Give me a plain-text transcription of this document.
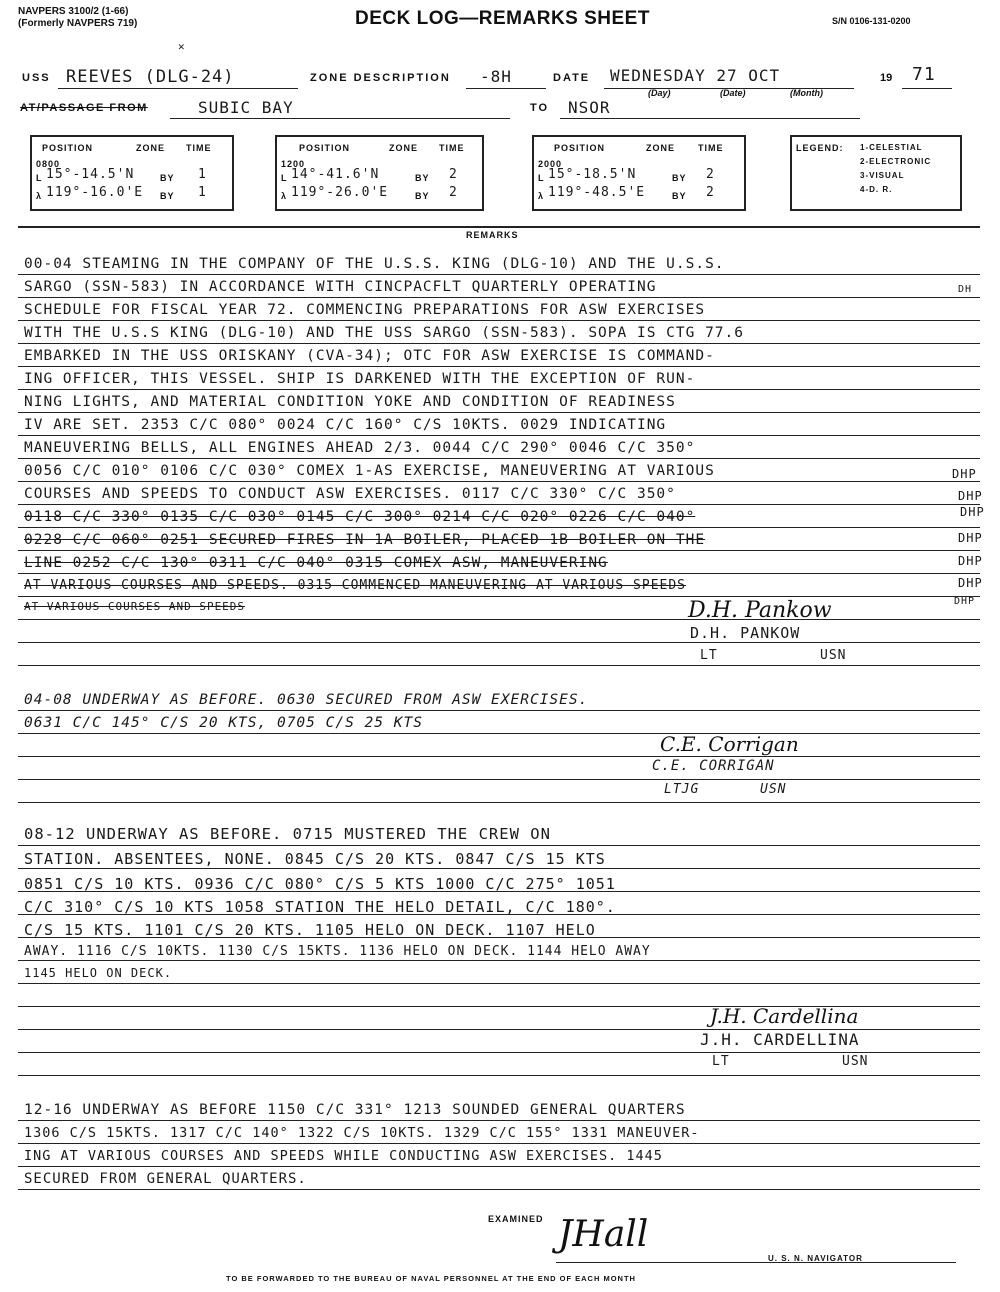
NAVPERS 3100/2 (1-66)
(Formerly NAVPERS 719)	DECK LOG—REMARKS SHEET	S/N 0106-131-0200
✕
USS REEVES (DLG-24)	ZONE DESCRIPTION -8H	DATE WEDNESDAY 27 OCT	19 71
(Day)	(Date)	(Month)
AT/PASSAGE FROM	SUBIC BAY	TO NSOR
POSITION	ZONE TIME
0800
L 15°-14.5'N	BY 1
λ 119°-16.0'E BY 1
POSITION	ZONE TIME
1200
L 14°-41.6'N	BY 2
λ 119°-26.0'E	BY 2
POSITION	ZONE	TIME
2000
L 15°-18.5'N	BY 2
λ 119°-48.5'E	BY 2
LEGEND: 1-CELESTIAL
2-ELECTRONIC
3-VISUAL
4-D. R.
REMARKS
00-04 STEAMING IN THE COMPANY OF THE U.S.S. KING (DLG-10) AND THE U.S.S.
SARGO (SSN-583) IN ACCORDANCE WITH CINCPACFLT QUARTERLY OPERATING
SCHEDULE FOR FISCAL YEAR 72. COMMENCING PREPARATIONS FOR ASW EXERCISES
WITH THE U.S.S KING (DLG-10) AND THE USS SARGO (SSN-583). SOPA IS CTG 77.6
EMBARKED IN THE USS ORISKANY (CVA-34); OTC FOR ASW EXERCISE IS COMMAND-
ING OFFICER, THIS VESSEL. SHIP IS DARKENED WITH THE EXCEPTION OF RUN-
NING LIGHTS, AND MATERIAL CONDITION YOKE AND CONDITION OF READINESS
IV ARE SET. 2353 C/C 080° 0024 C/C 160° C/S 10KTS. 0029 INDICATING
MANEUVERING BELLS, ALL ENGINES AHEAD 2/3. 0044 C/C 290° 0046 C/C 350°
0056 C/C 010° 0106 C/C 030° COMEX 1-AS EXERCISE, MANEUVERING AT VARIOUS
COURSES AND SPEEDS TO CONDUCT ASW EXERCISES. 0117 C/C 330° C/C 350°
0118 C/C 330° 0135 C/C 030° 0145 C/C 300° 0214 C/C 020° 0226 C/C 040°
0228 C/C 060° 0251 SECURED FIRES IN 1A BOILER, PLACED 1B BOILER ON THE
LINE 0252 C/C 130° 0311 C/C 040° 0315 COMEX ASW, MANEUVERING
AT VARIOUS COURSES AND SPEEDS. 0315 COMMENCED MANEUVERING AT VARIOUS SPEEDS
AT VARIOUS COURSES AND SPEEDS
DH
DHP
DHP
DHP
DHP
DHP
DHP
DHP
D.H. Pankow
D.H. PANKOW
LT	USN
04-08 UNDERWAY AS BEFORE. 0630 SECURED FROM ASW EXERCISES.
0631 C/C 145° C/S 20 KTS, 0705 C/S 25 KTS
C.E. Corrigan
C.E. CORRIGAN
LTJG	USN
08-12 UNDERWAY AS BEFORE. 0715 MUSTERED THE CREW ON
STATION. ABSENTEES, NONE. 0845 C/S 20 KTS. 0847 C/S 15 KTS
0851 C/S 10 KTS. 0936 C/C 080° C/S 5 KTS 1000 C/C 275° 1051
C/C 310° C/S 10 KTS 1058 STATION THE HELO DETAIL, C/C 180°.
C/S 15 KTS. 1101 C/S 20 KTS. 1105 HELO ON DECK. 1107 HELO
AWAY. 1116 C/S 10KTS. 1130 C/S 15KTS. 1136 HELO ON DECK. 1144 HELO AWAY
1145 HELO ON DECK.
J.H. Cardellina
J.H. CARDELLINA
LT	USN
12-16 UNDERWAY AS BEFORE 1150 C/C 331° 1213 SOUNDED GENERAL QUARTERS
1306 C/S 15KTS. 1317 C/C 140° 1322 C/S 10KTS. 1329 C/C 155° 1331 MANEUVER-
ING AT VARIOUS COURSES AND SPEEDS WHILE CONDUCTING ASW EXERCISES. 1445
SECURED FROM GENERAL QUARTERS.
EXAMINED JHall
U. S. N. NAVIGATOR
TO BE FORWARDED TO THE BUREAU OF NAVAL PERSONNEL AT THE END OF EACH MONTH
